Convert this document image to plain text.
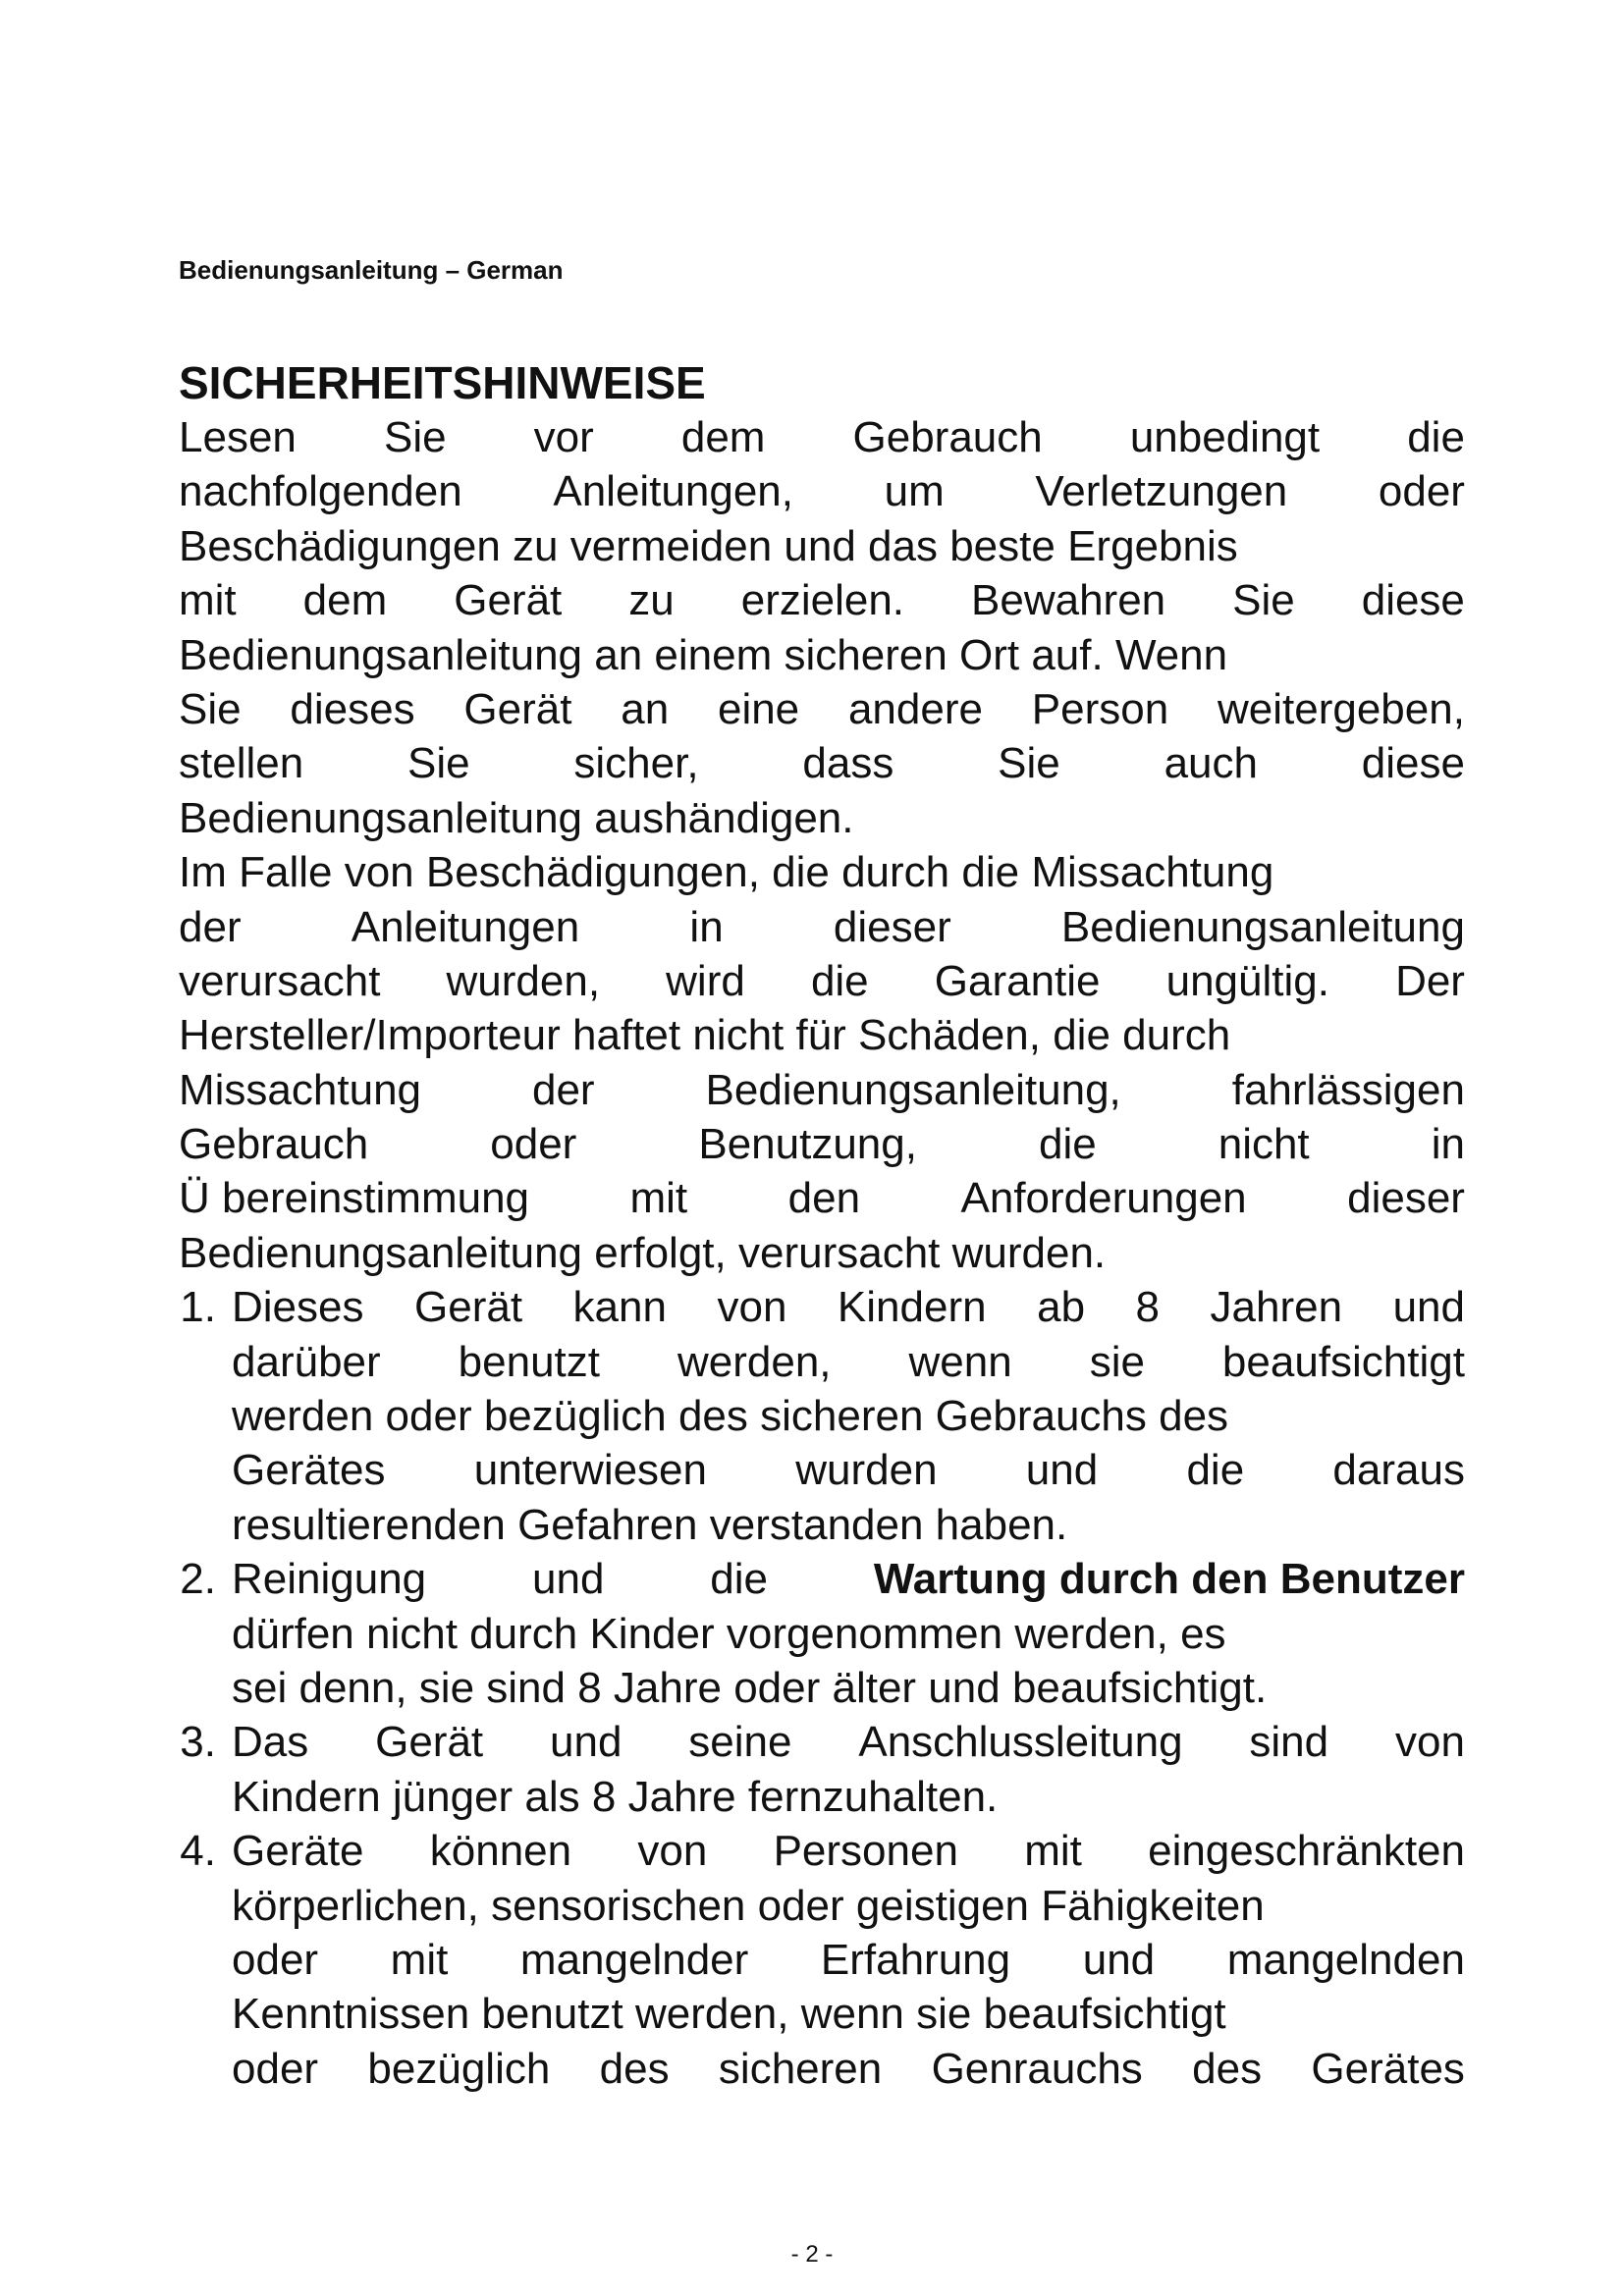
Bedienungsanleitung – German
SICHERHEITSHINWEISE
Lesen Sie vor dem Gebrauch unbedingt die
nachfolgenden Anleitungen, um Verletzungen oder
Beschädigungen zu vermeiden und das beste Ergebnis
mit dem Gerät zu erzielen. Bewahren Sie diese
Bedienungsanleitung an einem sicheren Ort auf. Wenn
Sie dieses Gerät an eine andere Person weitergeben,
stellen Sie sicher, dass Sie auch diese
Bedienungsanleitung aushändigen.
Im Falle von Beschädigungen, die durch die Missachtung
der	Anleitungen	in	dieser	Bedienungsanleitung
verursacht wurden, wird die Garantie ungültig. Der
Hersteller/Importeur haftet nicht für Schäden, die durch
Missachtung	der	Bedienungsanleitung,	fahrlässigen
Gebrauch	oder	Benutzung,	die	nicht	in
Ü bereinstimmung mit den Anforderungen dieser
Bedienungsanleitung erfolgt, verursacht wurden.
1. Dieses Gerät kann von Kindern ab 8 Jahren und
darüber benutzt werden, wenn sie beaufsichtigt
werden oder bezüglich des sicheren Gebrauchs des
Gerätes unterwiesen wurden und die daraus
resultierenden Gefahren verstanden haben.
2. Reinigung und die Wartung durch den Benutzer
dürfen nicht durch Kinder vorgenommen werden, es
sei denn, sie sind 8 Jahre oder älter und beaufsichtigt.
3. Das Gerät und seine Anschlussleitung sind von
Kindern jünger als 8 Jahre fernzuhalten.
4. Geräte können von Personen mit eingeschränkten
körperlichen, sensorischen oder geistigen Fähigkeiten
oder mit mangelnder Erfahrung und mangelnden
Kenntnissen benutzt werden, wenn sie beaufsichtigt
oder bezüglich des sicheren Genrauchs des Gerätes
- 2 -
